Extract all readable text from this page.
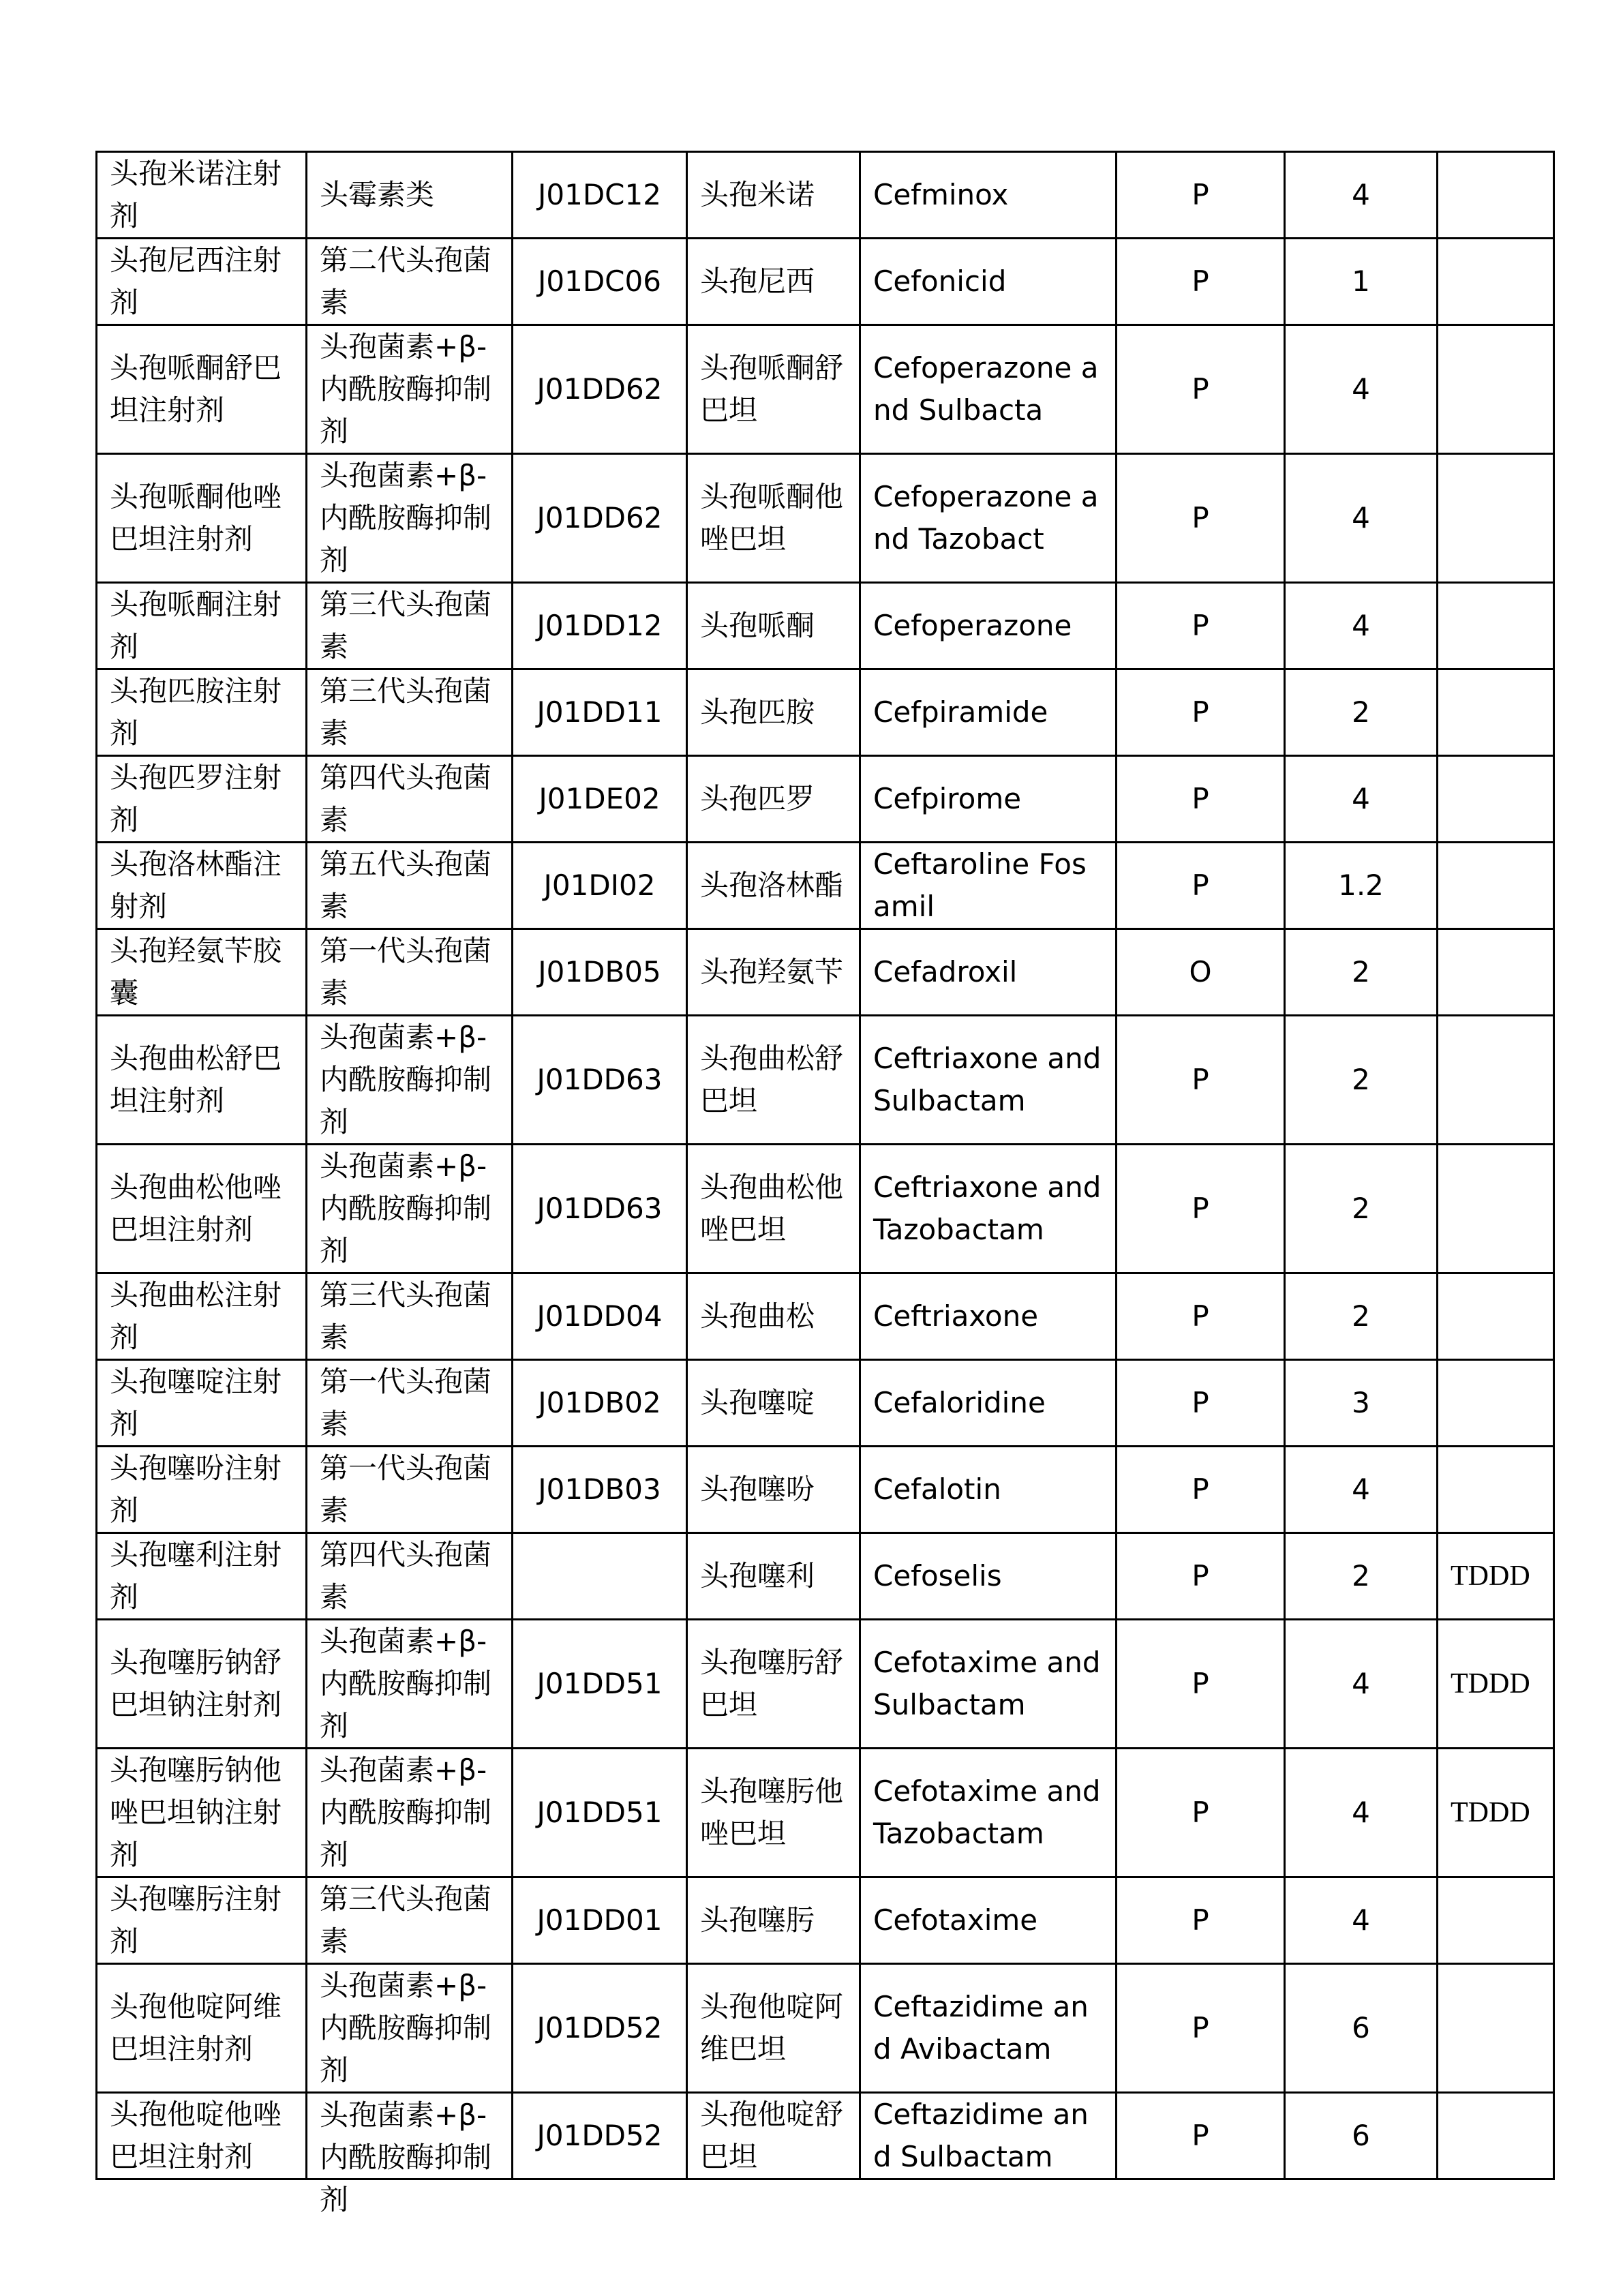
头孢米诺注射剂	头霉素类	J01DC12	头孢米诺	Cefminox	P	4	
头孢尼西注射剂	第二代头孢菌素	J01DC06	头孢尼西	Cefonicid	P	1	
头孢哌酮舒巴坦注射剂	头孢菌素+β-内酰胺酶抑制剂	J01DD62	头孢哌酮舒巴坦	Cefoperazone and Sulbacta	P	4	
头孢哌酮他唑巴坦注射剂	头孢菌素+β-内酰胺酶抑制剂	J01DD62	头孢哌酮他唑巴坦	Cefoperazone and Tazobact	P	4	
头孢哌酮注射剂	第三代头孢菌素	J01DD12	头孢哌酮	Cefoperazone	P	4	
头孢匹胺注射剂	第三代头孢菌素	J01DD11	头孢匹胺	Cefpiramide	P	2	
头孢匹罗注射剂	第四代头孢菌素	J01DE02	头孢匹罗	Cefpirome	P	4	
头孢洛林酯注射剂	第五代头孢菌素	J01DI02	头孢洛林酯	Ceftaroline Fosamil	P	1.2	
头孢羟氨苄胶囊	第一代头孢菌素	J01DB05	头孢羟氨苄	Cefadroxil	O	2	
头孢曲松舒巴坦注射剂	头孢菌素+β-内酰胺酶抑制剂	J01DD63	头孢曲松舒巴坦	Ceftriaxone and Sulbactam	P	2	
头孢曲松他唑巴坦注射剂	头孢菌素+β-内酰胺酶抑制剂	J01DD63	头孢曲松他唑巴坦	Ceftriaxone and Tazobactam	P	2	
头孢曲松注射剂	第三代头孢菌素	J01DD04	头孢曲松	Ceftriaxone	P	2	
头孢噻啶注射剂	第一代头孢菌素	J01DB02	头孢噻啶	Cefaloridine	P	3	
头孢噻吩注射剂	第一代头孢菌素	J01DB03	头孢噻吩	Cefalotin	P	4	
头孢噻利注射剂	第四代头孢菌素		头孢噻利	Cefoselis	P	2	TDDD
头孢噻肟钠舒巴坦钠注射剂	头孢菌素+β-内酰胺酶抑制剂	J01DD51	头孢噻肟舒巴坦	Cefotaxime and Sulbactam	P	4	TDDD
头孢噻肟钠他唑巴坦钠注射剂	头孢菌素+β-内酰胺酶抑制剂	J01DD51	头孢噻肟他唑巴坦	Cefotaxime and Tazobactam	P	4	TDDD
头孢噻肟注射剂	第三代头孢菌素	J01DD01	头孢噻肟	Cefotaxime	P	4	
头孢他啶阿维巴坦注射剂	头孢菌素+β-内酰胺酶抑制剂	J01DD52	头孢他啶阿维巴坦	Ceftazidime and Avibactam	P	6	
头孢他啶他唑巴坦注射剂	头孢菌素+β-内酰胺酶抑制剂	J01DD52	头孢他啶舒巴坦	Ceftazidime and Sulbactam	P	6	
